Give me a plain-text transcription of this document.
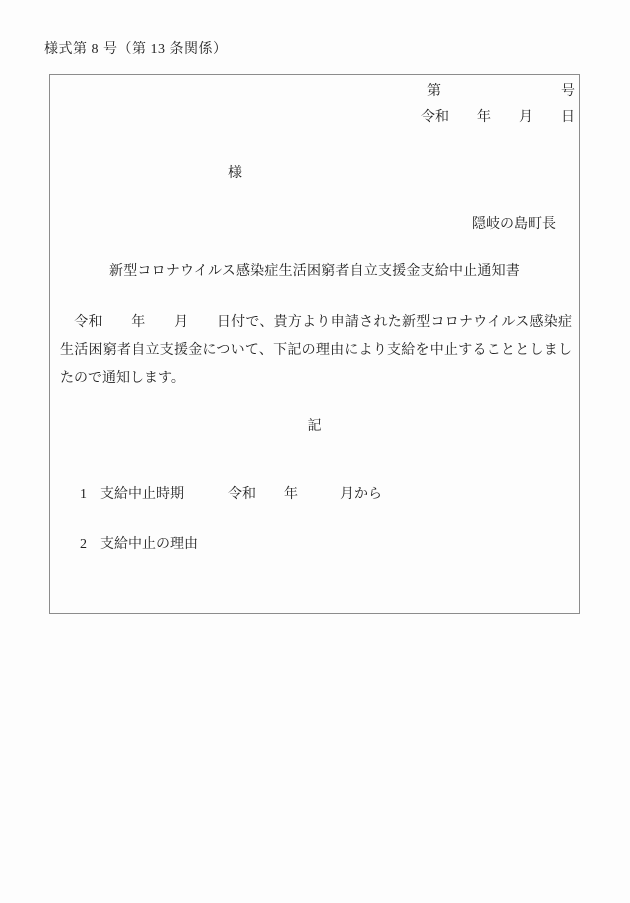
様式第 8 号（第 13 条関係）
第	号
令和　　年　　月　　日
様
隠岐の島町長
新型コロナウイルス感染症生活困窮者自立支援金支給中止通知書
　令和　　年　　月　　日付で、貴方より申請された新型コロナウイルス感染症生活困窮者自立支援金について、下記の理由により支給を中止することとしましたので通知します。
記

1 支給中止時期	令和　　年　　　月から

2 支給中止の理由
